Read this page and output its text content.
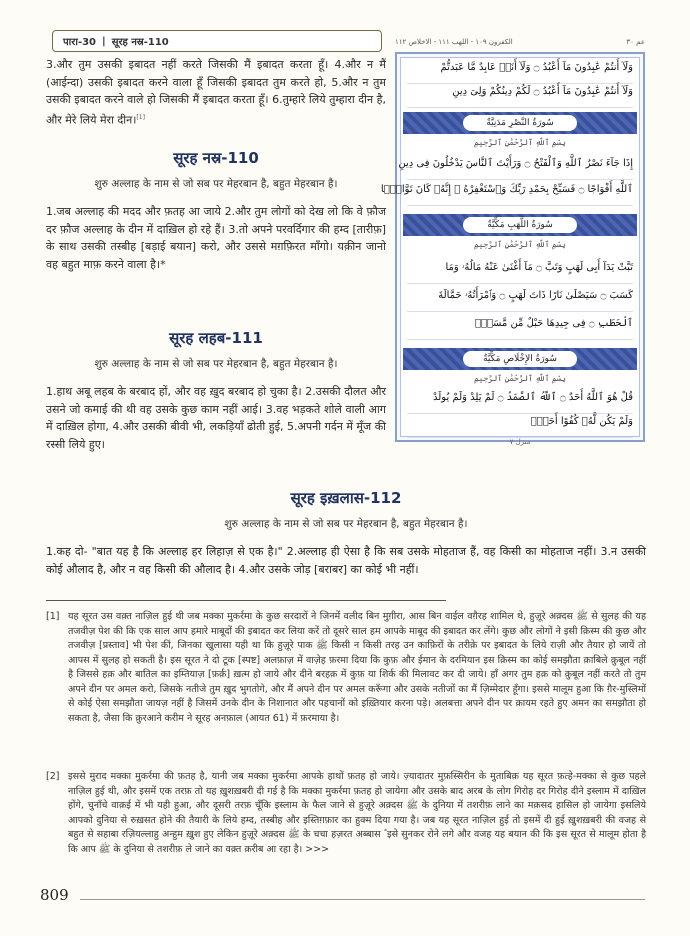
पारा-30 | सूरह नस्र-110

3.और तुम उसकी इबादत नहीं करते जिसकी मैं इबादत करता हूँ। 4.और न मैं (आईन्दा) उसकी इबादत करने वाला हूँ जिसकी इबादत तुम करते हो, 5.और न तुम उसकी इबादत करने वाले हो जिसकी मैं इबादत करता हूँ। 6.तुम्हारे लिये तुम्हारा दीन है, और मेरे लिये मेरा दीन।[1]

सूरह नस्र-110
शुरु अल्लाह के नाम से जो सब पर मेहरबान है, बहुत मेहरबान है।

1.जब अल्लाह की मदद और फ़तह आ जाये 2.और तुम लोगों को देख लो कि वे फ़ौज दर फ़ौज अल्लाह के दीन में दाख़िल हो रहे हैं। 3.तो अपने परवर्दिगार की हम्द [तारीफ़] के साथ उसकी तस्बीह [बड़ाई बयान] करो, और उससे मग़फ़िरत माँगो। यक़ीन जानो वह बहुत माफ़ करने वाला है।*

सूरह लहब-111
शुरु अल्लाह के नाम से जो सब पर मेहरबान है, बहुत मेहरबान है।

1.हाथ अबू लहब के बरबाद हों, और वह ख़ुद बरबाद हो चुका है। 2.उसकी दौलत और उसने जो कमाई की थी वह उसके कुछ काम नहीं आई। 3.वह भड़कते शोले वाली आग में दाख़िल होगा, 4.और उसकी बीवी भी, लकड़ियाँ ढोती हुई, 5.अपनी गर्दन में मूँज की रस्सी लिये हुए।

الكفرون ١٠٩ - اللهب ١١١ - الاخلاص ١١٢	عم ٣٠
وَلَآ أَنتُمْ عَٰبِدُونَ مَآ أَعْبُدُ ۝ وَلَآ أَنَا۠ عَابِدٌ مَّا عَبَدتُّمْ
وَلَآ أَنتُمْ عَٰبِدُونَ مَآ أَعْبُدُ ۝ لَكُمْ دِينُكُمْ وَلِىَ دِينِ
سُورَةُ النَّصْرِ مَدَنِيَّةٌ
بِسْمِ ٱللَّهِ ٱلرَّحْمَٰنِ ٱلرَّحِيمِ
إِذَا جَآءَ نَصْرُ ٱللَّهِ وَٱلْفَتْحُ ۝ وَرَأَيْتَ ٱلنَّاسَ يَدْخُلُونَ فِى دِينِ
ٱللَّهِ أَفْوَاجًا ۝ فَسَبِّحْ بِحَمْدِ رَبِّكَ وَٱسْتَغْفِرْهُ ۚ إِنَّهُۥ كَانَ تَوَّابًۢا
سُورَةُ اللَّهَبِ مَكِّيَّةٌ
بِسْمِ ٱللَّهِ ٱلرَّحْمَٰنِ ٱلرَّحِيمِ
تَبَّتْ يَدَآ أَبِى لَهَبٍ وَتَبَّ ۝ مَآ أَغْنَىٰ عَنْهُ مَالُهُۥ وَمَا
كَسَبَ ۝ سَيَصْلَىٰ نَارًا ذَاتَ لَهَبٍ ۝ وَٱمْرَأَتُهُۥ حَمَّالَةَ
ٱلْحَطَبِ ۝ فِى جِيدِهَا حَبْلٌ مِّن مَّسَدٍۭ
سُورَةُ الإِخْلَاصِ مَكِّيَّةٌ
بِسْمِ ٱللَّهِ ٱلرَّحْمَٰنِ ٱلرَّحِيمِ
قُلْ هُوَ ٱللَّهُ أَحَدٌ ۝ ٱللَّهُ ٱلصَّمَدُ ۝ لَمْ يَلِدْ وَلَمْ يُولَدْ
وَلَمْ يَكُن لَّهُۥ كُفُوًا أَحَدٌۢ
منزل ٧
सूरह इख़लास-112
शुरु अल्लाह के नाम से जो सब पर मेहरबान है, बहुत मेहरबान है।

1.कह दो- "बात यह है कि अल्लाह हर लिहाज़ से एक है।" 2.अल्लाह ही ऐसा है कि सब उसके मोहताज हैं, वह किसी का मोहताज नहीं। 3.न उसकी कोई औलाद है, और न वह किसी की औलाद है। 4.और उसके जोड़ [बराबर] का कोई भी नहीं।

[1] यह सूरत उस वक़्त नाज़िल हुई थी जब मक्का मुकर्रमा के कुछ सरदारों ने जिनमें वलीद बिन मुग़ीरा, आस बिन वाईल वग़ैरह शामिल थे, हुज़ूरे अक़्दस ﷺ से सुलह की यह तजवीज़ पेश की कि एक साल आप हमारे माबूदों की इबादत कर लिया करें तो दूसरे साल हम आपके माबूद की इबादत कर लेंगे। कुछ और लोगों ने इसी क़िस्म की कुछ और तजवीज़ [प्रस्ताव] भी पेश कीं, जिनका खुलासा यही था कि हुज़ूरे पाक ﷺ किसी न किसी तरह उन काफ़िरों के तरीक़े पर इबादत के लिये राज़ी और तैयार हो जायें तो आपस में सुलह हो सकती है। इस सूरत ने दो टूक [स्पष्ट] अलफ़ाज़ में वाज़ेह फ़रमा दिया कि कुफ़ और ईमान के दरमियान इस क़िस्म का कोई समझौता क़ाबिले क़ुबूल नहीं है जिससे हक़ और बातिल का इम्तियाज़ [फ़र्क़] ख़त्म हो जाये और दीने बरहक़ में कुफ़ या शिर्क की मिलावट कर दी जाये। हाँ अगर तुम हक़ को क़ुबूल नहीं करते तो तुम अपने दीन पर अमल करो, जिसके नतीजे तुम ख़ुद भुगतोगे, और मैं अपने दीन पर अमल करूँगा और उसके नतीजों का मैं ज़िम्मेदार हूँगा। इससे मालूम हुआ कि ग़ैर-मुस्लिमों से कोई ऐसा समझौता जायज़ नहीं है जिसमें उनके दीन के निशानात और पहचानों को इख़्तियार करना पड़े। अलबत्ता अपने दीन पर क़ायम रहते हुए अमन का समझौता हो सकता है, जैसा कि क़ुरआने करीम ने सूरह अनफ़ाल (आयत 61) में फ़रमाया है।
[2] इससे मुराद मक्का मुकर्रमा की फ़तह है, यानी जब मक्का मुकर्रमा आपके हाथों फ़तह हो जाये। ज़्यादातर मुफ़स्सिरीन के मुताबिक़ यह सूरत फ़त्हे-मक्का से कुछ पहले नाज़िल हुई थी, और इसमें एक तरफ़ तो यह ख़ुशख़बरी दी गई है कि मक्का मुकर्रमा फ़तह हो जायेगा और उसके बाद अरब के लोग गिरोह दर गिरोह दीने इस्लाम में दाख़िल होंगे, चुनाँचे वाक़ई में भी यही हुआ, और दूसरी तरफ़ चूँकि इस्लाम के फैल जाने से हुज़ूरे अक़्दस ﷺ के दुनिया में तशरीफ़ लाने का मक़सद हासिल हो जायेगा इसलिये आपको दुनिया से रुख़सत होने की तैयारी के लिये हम्द, तस्बीह और इस्तिग़फ़ार का हुक्म दिया गया है। जब यह सूरत नाज़िल हुई तो इसमें दी हुई ख़ुशख़बरी की वजह से बहुत से सहाबा रज़ियल्लाहु अन्हुम ख़ुश हुए लेकिन हुज़ूरे अक़्दस ﷺ के चचा हज़रत अब्बास ؓ इसे सुनकर रोने लगे और वजह यह बयान की कि इस सूरत से मालूम होता है कि आप ﷺ के दुनिया से तशरीफ़ ले जाने का वक़्त क़रीब आ रहा है। >>>
809
